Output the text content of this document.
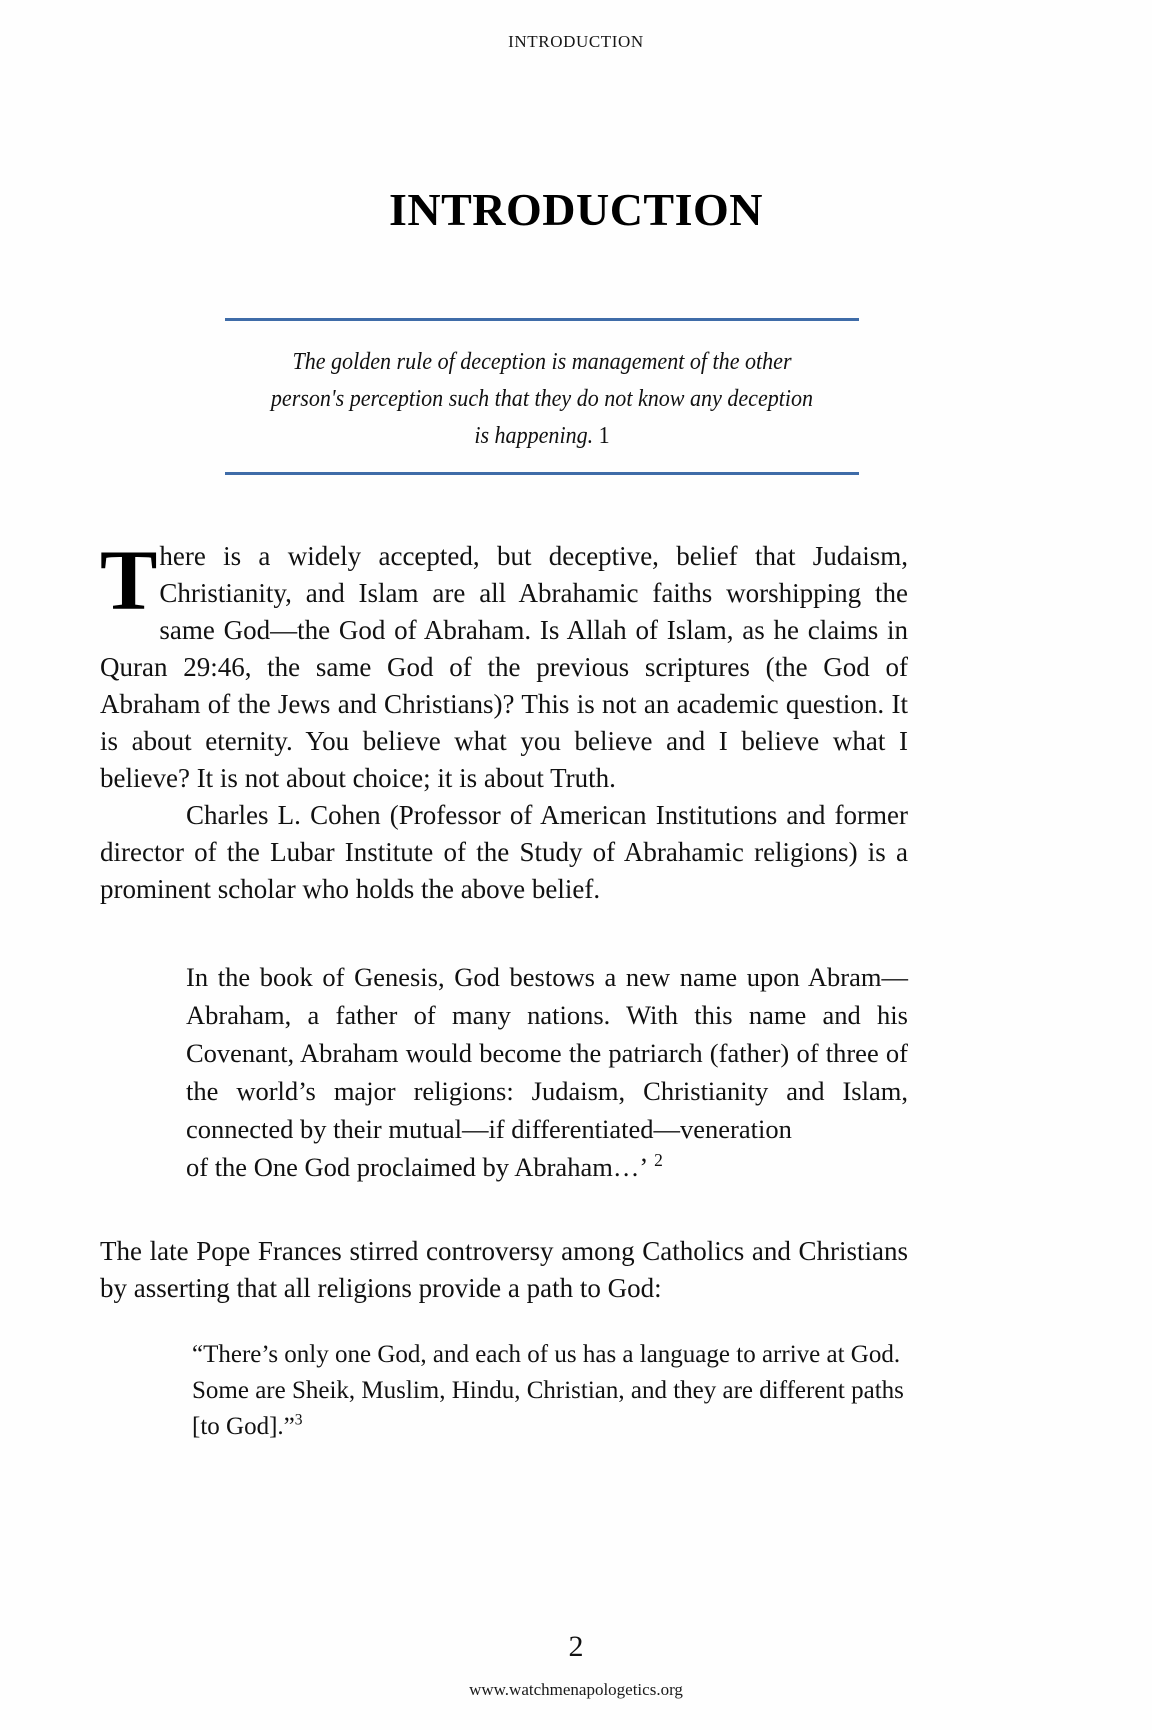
INTRODUCTION
INTRODUCTION
The golden rule of deception is management of the other person's perception such that they do not know any deception is happening. 1

There is a widely accepted, but deceptive, belief that Judaism, Christianity, and Islam are all Abrahamic faiths worshipping the same God—the God of Abraham. Is Allah of Islam, as he claims in Quran 29:46, the same God of the previous scriptures (the God of Abraham of the Jews and Christians)? This is not an academic question. It is about eternity. You believe what you believe and I believe what I believe? It is not about choice; it is about Truth.

Charles L. Cohen (Professor of American Institutions and former director of the Lubar Institute of the Study of Abrahamic religions) is a prominent scholar who holds the above belief.

In the book of Genesis, God bestows a new name upon Abram—Abraham, a father of many nations. With this name and his Covenant, Abraham would become the patriarch (father) of three of the world’s major religions: Judaism, Christianity and Islam, connected by their mutual—if differentiated—veneration
of the One God proclaimed by Abraham…’ $^2$

The late Pope Frances stirred controversy among Catholics and Christians by asserting that all religions provide a path to God:

“There’s only one God, and each of us has a language to arrive at God. Some are Sheik, Muslim, Hindu, Christian, and they are different paths [to God].”$^3$
2
www.watchmenapologetics.org
